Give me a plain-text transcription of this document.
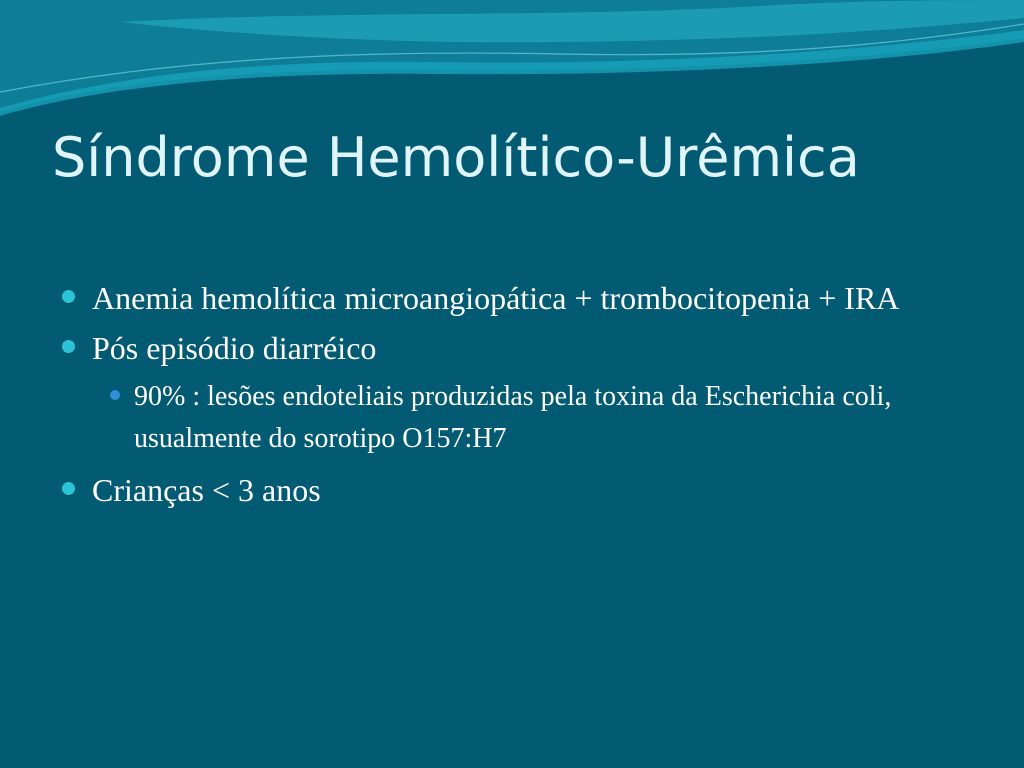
Síndrome Hemolítico-Urêmica
Anemia hemolítica microangiopática + trombocitopenia + IRA
Pós episódio diarréico
90% : lesões endoteliais produzidas pela toxina da Escherichia coli, usualmente do sorotipo O157:H7
Crianças < 3 anos
